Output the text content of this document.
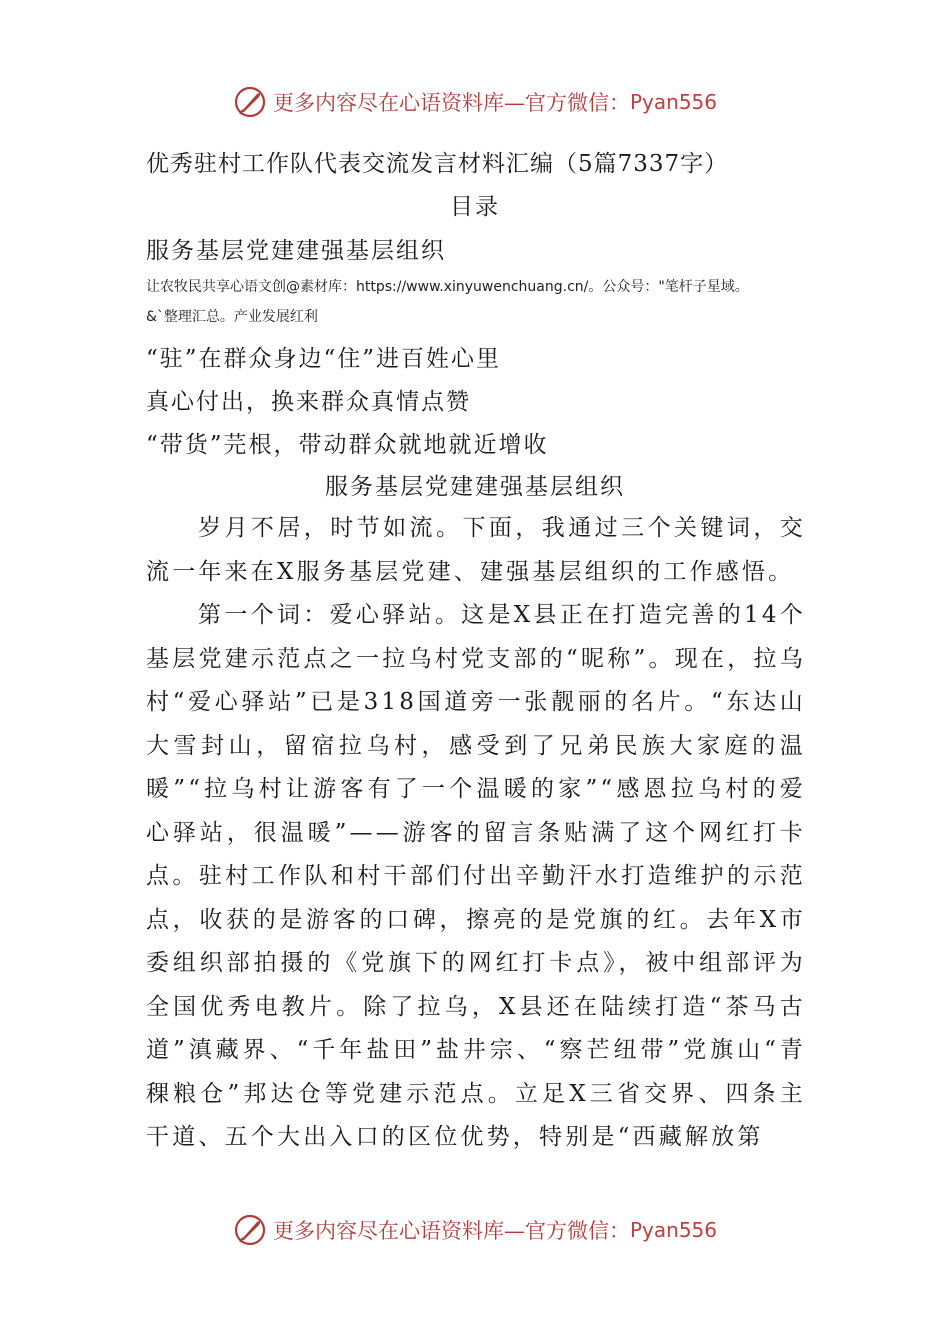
更多内容尽在心语资料库—官方微信： Pyan556
优秀驻村工作队代表交流发言材料汇编（5篇7337字）
目录
服务基层党建建强基层组织
让农牧民共享心语文创@素材库：https://www.xinyuwenchuang.cn/。公众号："笔杆子星域。
&`整理汇总。产业发展红利
“驻”在群众身边“住”进百姓心里
真心付出，换来群众真情点赞
“带货”芫根，带动群众就地就近增收
服务基层党建建强基层组织

岁月不居，时节如流。下面，我通过三个关键词，交流一年来在X服务基层党建、建强基层组织的工作感悟。

第一个词：爱心驿站。这是X县正在打造完善的14个基层党建示范点之一拉乌村党支部的“昵称”。现在，拉乌村“爱心驿站”已是318国道旁一张靓丽的名片。“东达山大雪封山，留宿拉乌村，感受到了兄弟民族大家庭的温暖”“拉乌村让游客有了一个温暖的家”“感恩拉乌村的爱心驿站，很温暖”——游客的留言条贴满了这个网红打卡点。驻村工作队和村干部们付出辛勤汗水打造维护的示范点，收获的是游客的口碑，擦亮的是党旗的红。去年X市委组织部拍摄的《党旗下的网红打卡点》，被中组部评为全国优秀电教片。除了拉乌，X县还在陆续打造“茶马古道”滇藏界、“千年盐田”盐井宗、“察芒纽带”党旗山“青稞粮仓”邦达仓等党建示范点。立足X三省交界、四条主干道、五个大出入口的区位优势，特别是“西藏解放第

更多内容尽在心语资料库—官方微信： Pyan556
